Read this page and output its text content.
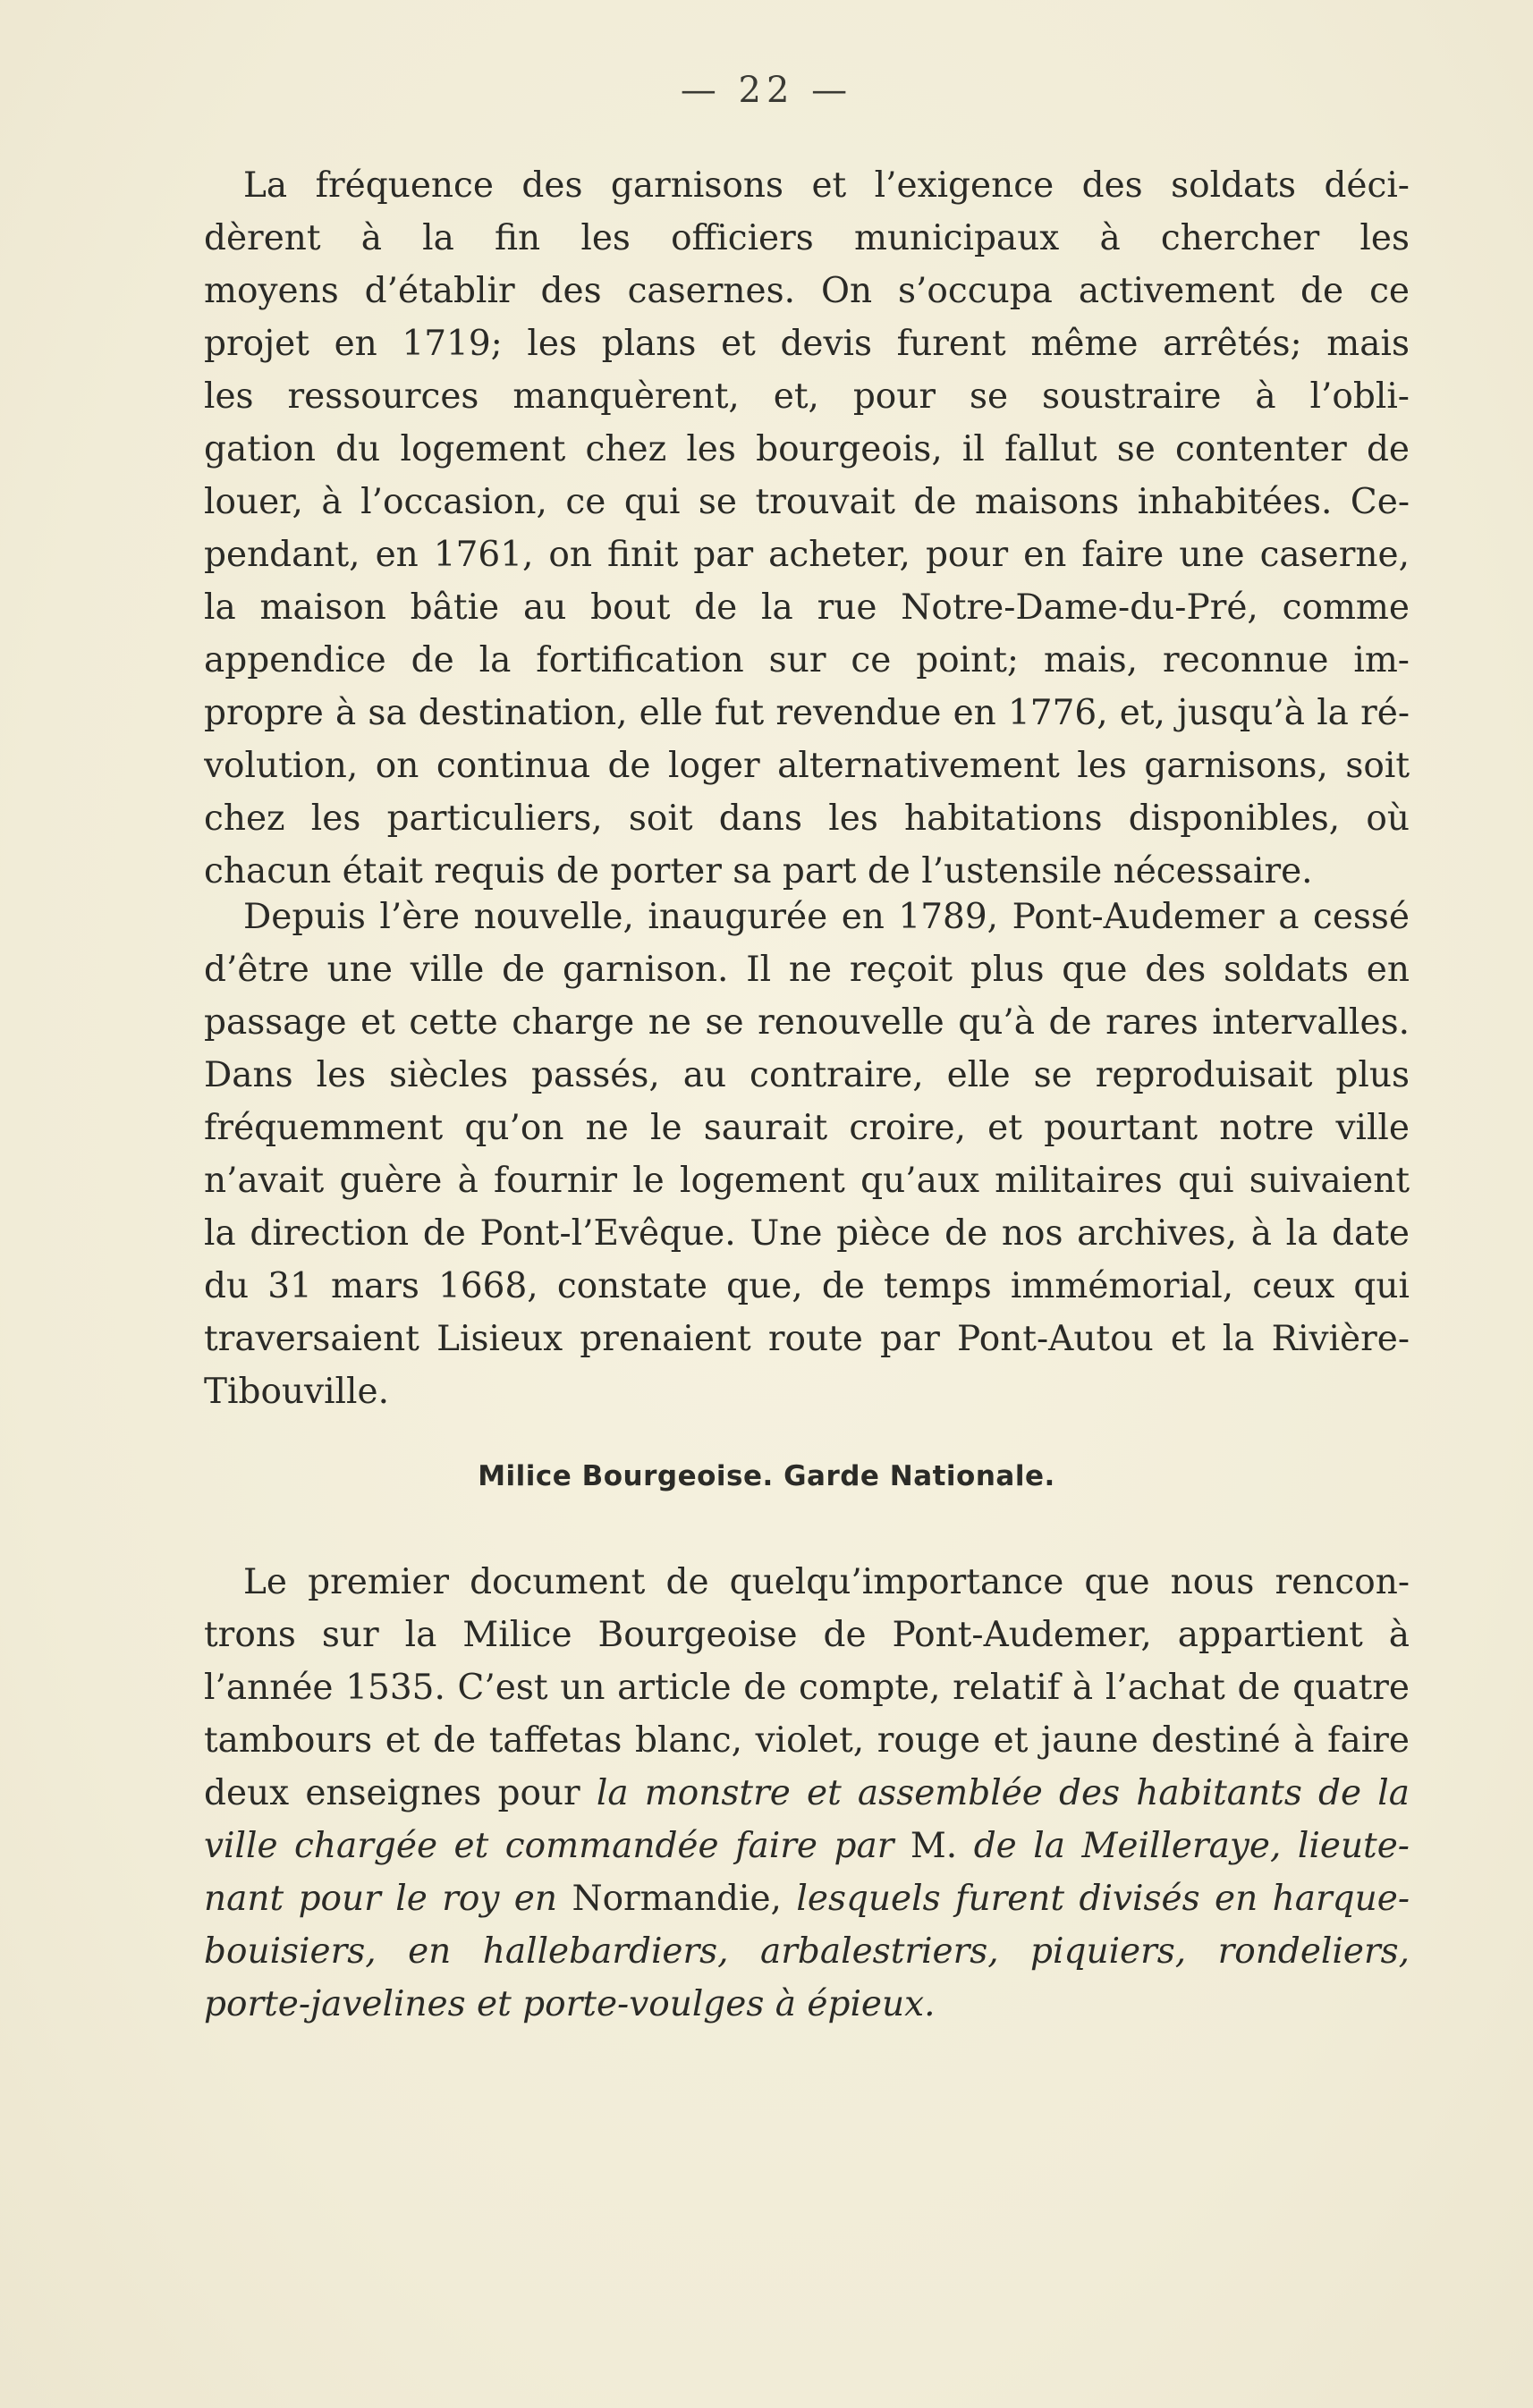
— 22 —
La fréquence des garnisons et l’exigence des soldats déci-
dèrent à la fin les officiers municipaux à chercher les
moyens d’établir des casernes. On s’occupa activement de ce
projet en 1719; les plans et devis furent même arrêtés; mais
les ressources manquèrent, et, pour se soustraire à l’obli-
gation du logement chez les bourgeois, il fallut se contenter de
louer, à l’occasion, ce qui se trouvait de maisons inhabitées. Ce-
pendant, en 1761, on finit par acheter, pour en faire une caserne,
la maison bâtie au bout de la rue Notre-Dame-du-Pré, comme
appendice de la fortification sur ce point; mais, reconnue im-
propre à sa destination, elle fut revendue en 1776, et, jusqu’à la ré-
volution, on continua de loger alternativement les garnisons, soit
chez les particuliers, soit dans les habitations disponibles, où
chacun était requis de porter sa part de l’ustensile nécessaire.
Depuis l’ère nouvelle, inaugurée en 1789, Pont-Audemer a cessé
d’être une ville de garnison. Il ne reçoit plus que des soldats en
passage et cette charge ne se renouvelle qu’à de rares intervalles.
Dans les siècles passés, au contraire, elle se reproduisait plus
fréquemment qu’on ne le saurait croire, et pourtant notre ville
n’avait guère à fournir le logement qu’aux militaires qui suivaient
la direction de Pont-l’Evêque. Une pièce de nos archives, à la date
du 31 mars 1668, constate que, de temps immémorial, ceux qui
traversaient Lisieux prenaient route par Pont-Autou et la Rivière-
Tibouville.
Milice Bourgeoise. Garde Nationale.
Le premier document de quelqu’importance que nous rencon-
trons sur la Milice Bourgeoise de Pont-Audemer, appartient à
l’année 1535. C’est un article de compte, relatif à l’achat de quatre
tambours et de taffetas blanc, violet, rouge et jaune destiné à faire
deux enseignes pour la monstre et assemblée des habitants de la
ville chargée et commandée faire par M. de la Meilleraye, lieute-
nant pour le roy en Normandie, lesquels furent divisés en harque-
bouisiers, en hallebardiers, arbalestriers, piquiers, rondeliers,
porte-javelines et porte-voulges à épieux.
